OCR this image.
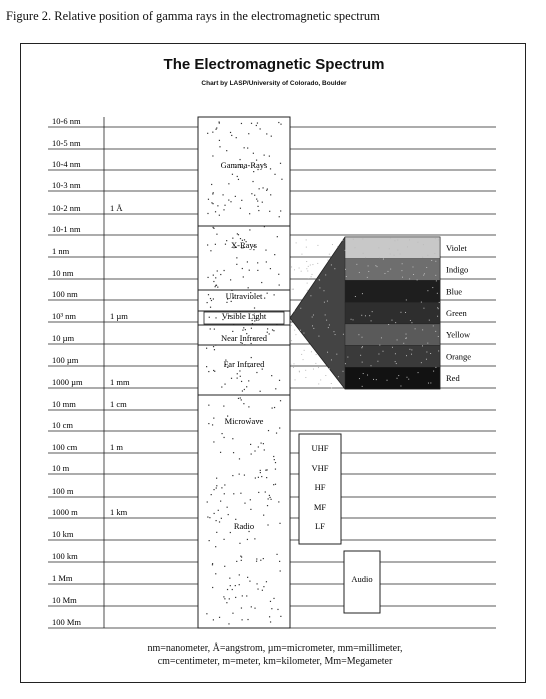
Figure 2. Relative position of gamma rays in the electromagnetic spectrum
The Electromagnetic Spectrum
Chart by LASP/University of Colorado, Boulder
10-6 nm
10-5 nm
10-4 nm
10-3 nm
10-2 nm
10-1 nm
1 nm
10 nm
100 nm
10³ nm
10 µm
100 µm
1000 µm
10 mm
10 cm
100 cm
10 m
100 m
1000 m
10 km
100 km
1 Mm
10 Mm
100 Mm
1 Å
1 µm
1 mm
1 cm
1 m
1 km
Gamma-Rays
X-Rays
Ultraviolet
Visible Light
Near Infrared
Far Infrared
Microwave
Radio
UHF
VHF
HF
MF
LF
Audio
Violet
Indigo
Blue
Green
Yellow
Orange
Red
nm=nanometer, Å=angstrom, µm=micrometer, mm=millimeter,
cm=centimeter, m=meter, km=kilometer, Mm=Megameter
